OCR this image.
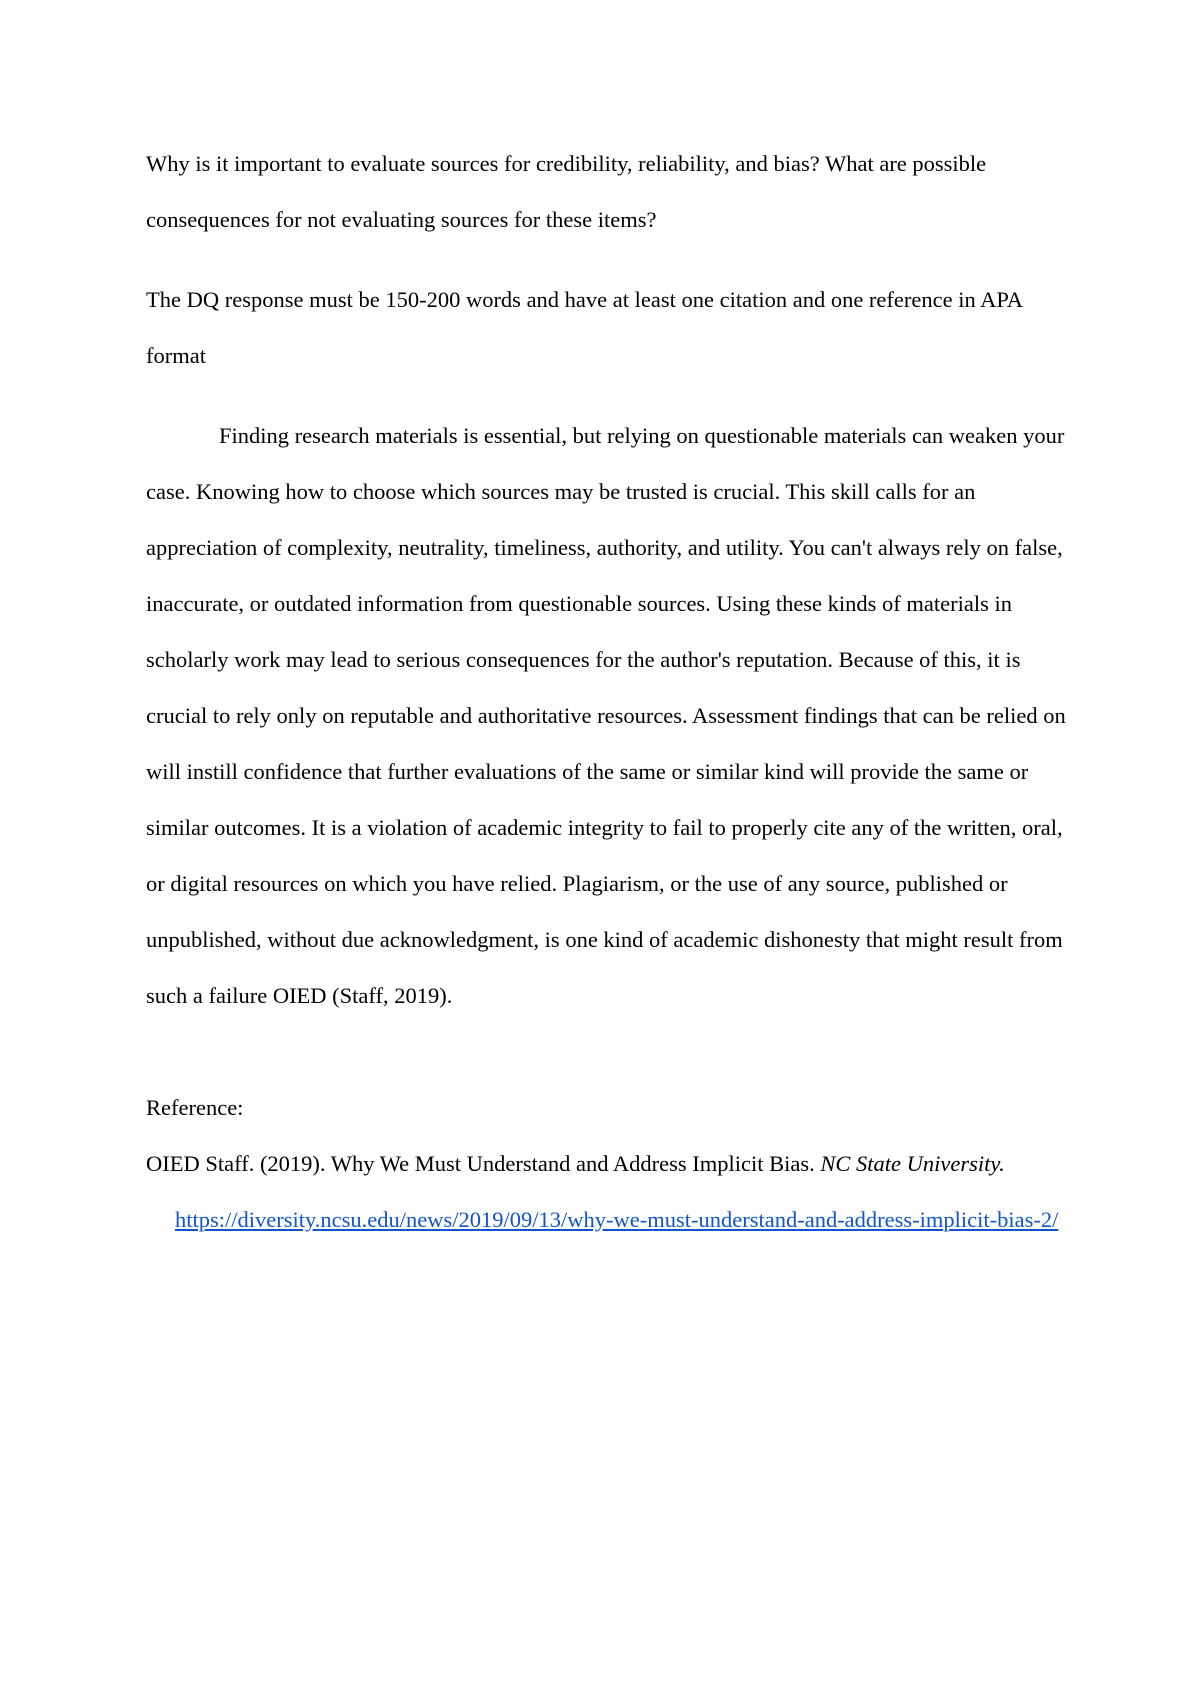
Why is it important to evaluate sources for credibility, reliability, and bias? What are possible consequences for not evaluating sources for these items?

The DQ response must be 150-200 words and have at least one citation and one reference in APA format

Finding research materials is essential, but relying on questionable materials can weaken your case. Knowing how to choose which sources may be trusted is crucial. This skill calls for an appreciation of complexity, neutrality, timeliness, authority, and utility. You can't always rely on false, inaccurate, or outdated information from questionable sources. Using these kinds of materials in scholarly work may lead to serious consequences for the author's reputation. Because of this, it is crucial to rely only on reputable and authoritative resources. Assessment findings that can be relied on will instill confidence that further evaluations of the same or similar kind will provide the same or similar outcomes. It is a violation of academic integrity to fail to properly cite any of the written, oral, or digital resources on which you have relied. Plagiarism, or the use of any source, published or unpublished, without due acknowledgment, is one kind of academic dishonesty that might result from such a failure OIED (Staff, 2019).

Reference:

OIED Staff. (2019). Why We Must Understand and Address Implicit Bias. NC State University. https://diversity.ncsu.edu/news/2019/09/13/why-we-must-understand-and-address-implicit-bias-2/
